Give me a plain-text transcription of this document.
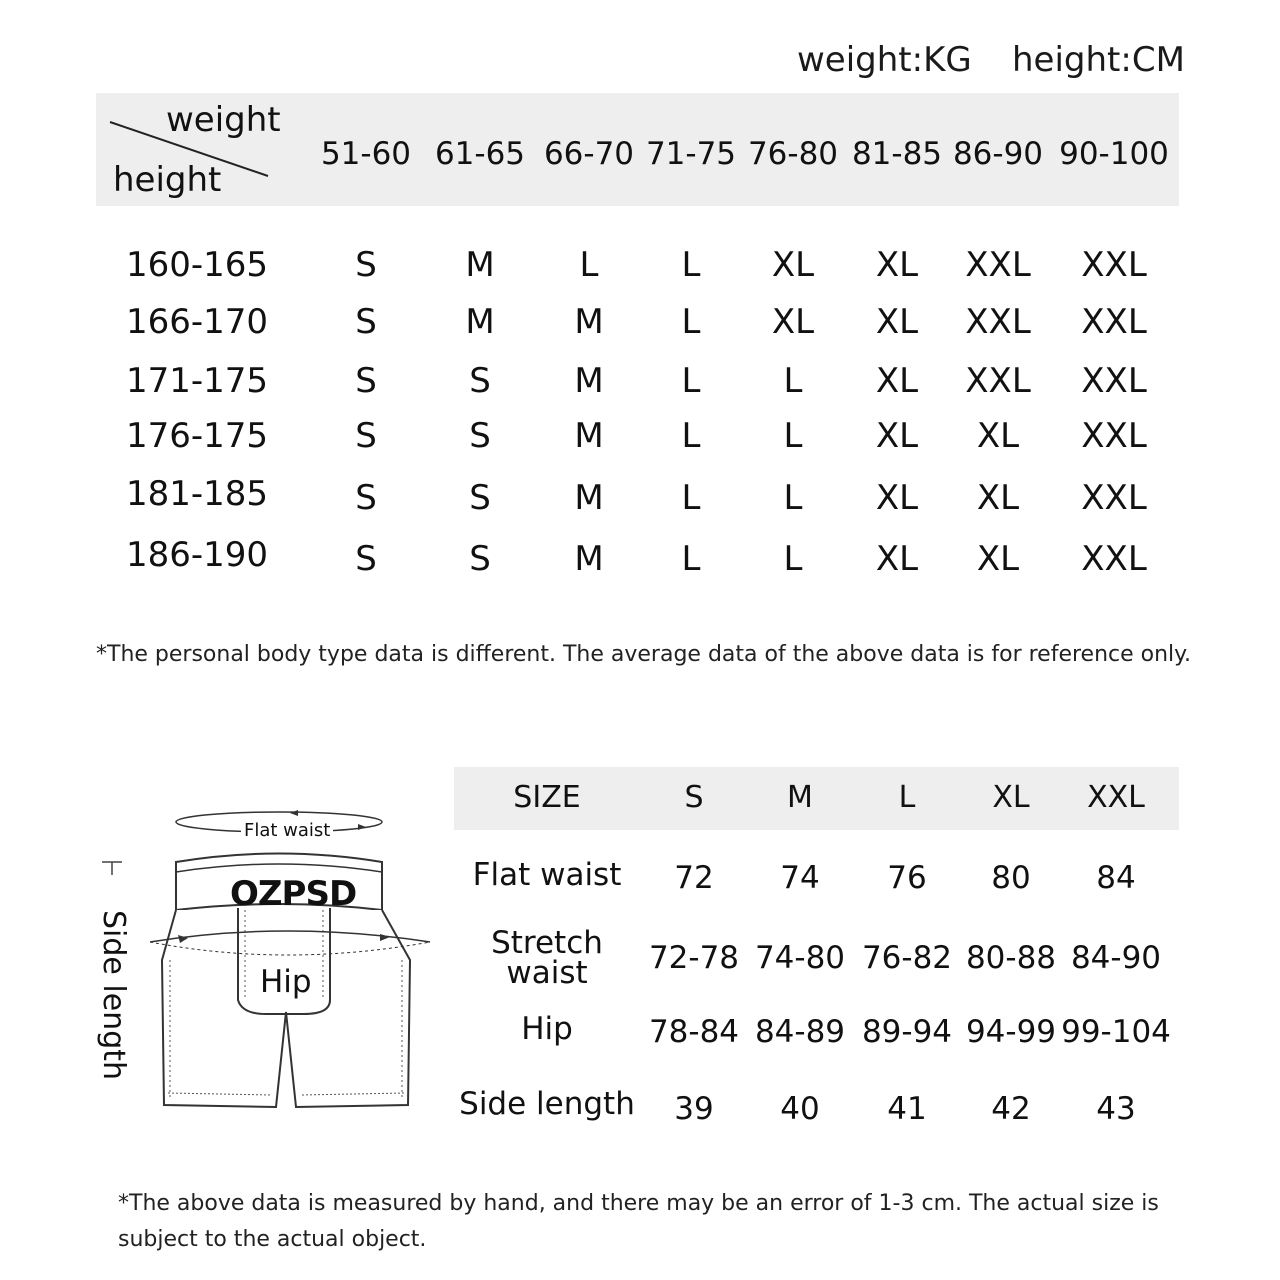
weight:KG height:CM
weight
height
51-60 61-65 66-70 71-75 76-80 81-85 86-90 90-100
160-165	S	M	L	L	XL	XL	XXL	XXL
166-170	S	M	M	L	XL	XL	XXL	XXL
171-175	S	S	M	L	L	XL	XXL	XXL
176-175	S	S	M	L	L	XL	XL	XXL
181-185	S	S	M	L	L	XL	XL	XXL
186-190	S	S	M	L	L	XL	XL	XXL
*The personal body type data is different. The average data of the above data is for reference only.
Flat waist
OZPSD
Hip
Side length
SIZE	S	M	L	XL	XXL
Flat waist	72	74	76	80	84
Stretch
waist	72-78 74-80 76-82 80-88 84-90
Hip	78-84 84-89 89-94 94-99 99-104
Side length	39	40	41	42	43
*The above data is measured by hand, and there may be an error of 1-3 cm. The actual size is subject to the actual object.
